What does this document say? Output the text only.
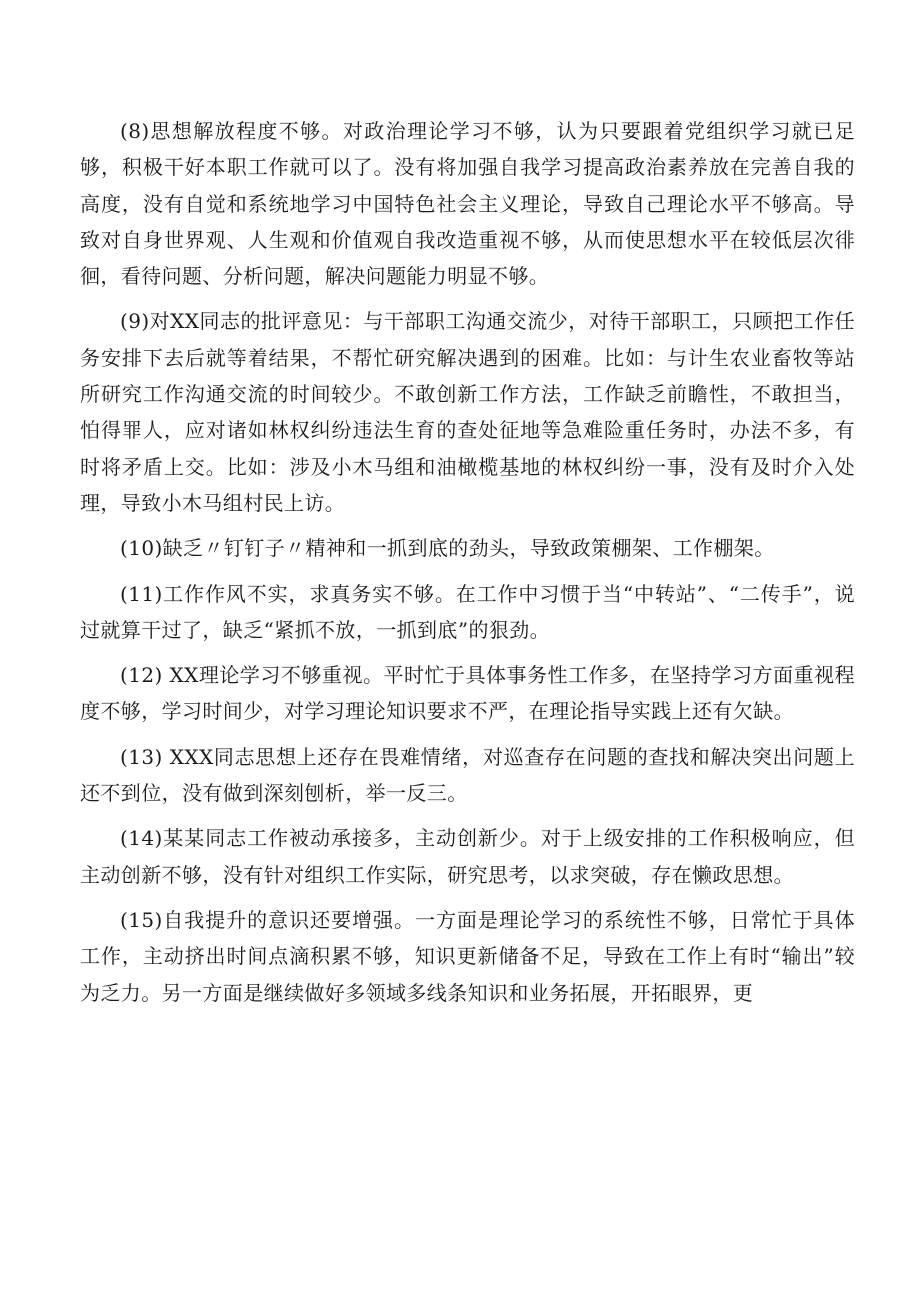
(8)思想解放程度不够。对政治理论学习不够，认为只要跟着党组织学习就已足够，积极干好本职工作就可以了。没有将加强自我学习提高政治素养放在完善自我的高度，没有自觉和系统地学习中国特色社会主义理论，导致自己理论水平不够高。导致对自身世界观、人生观和价值观自我改造重视不够，从而使思想水平在较低层次徘徊，看待问题、分析问题，解决问题能力明显不够。

(9)对XX同志的批评意见：与干部职工沟通交流少，对待干部职工，只顾把工作任务安排下去后就等着结果，不帮忙研究解决遇到的困难。比如：与计生农业畜牧等站所研究工作沟通交流的时间较少。不敢创新工作方法，工作缺乏前瞻性，不敢担当，怕得罪人，应对诸如林权纠纷违法生育的查处征地等急难险重任务时，办法不多，有时将矛盾上交。比如：涉及小木马组和油橄榄基地的林权纠纷一事，没有及时介入处理，导致小木马组村民上访。

(10)缺乏〃钉钉子〃精神和一抓到底的劲头，导致政策棚架、工作棚架。

(11)工作作风不实，求真务实不够。在工作中习惯于当“中转站”、“二传手”，说过就算干过了，缺乏“紧抓不放，一抓到底”的狠劲。

(12) XX理论学习不够重视。平时忙于具体事务性工作多，在坚持学习方面重视程度不够，学习时间少，对学习理论知识要求不严，在理论指导实践上还有欠缺。

(13) XXX同志思想上还存在畏难情绪，对巡查存在问题的查找和解决突出问题上还不到位，没有做到深刻刨析，举一反三。

(14)某某同志工作被动承接多，主动创新少。对于上级安排的工作积极响应，但主动创新不够，没有针对组织工作实际，研究思考，以求突破，存在懒政思想。

(15)自我提升的意识还要增强。一方面是理论学习的系统性不够，日常忙于具体工作，主动挤出时间点滴积累不够，知识更新储备不足，导致在工作上有时“输出”较为乏力。另一方面是继续做好多领域多线条知识和业务拓展，开拓眼界，更
